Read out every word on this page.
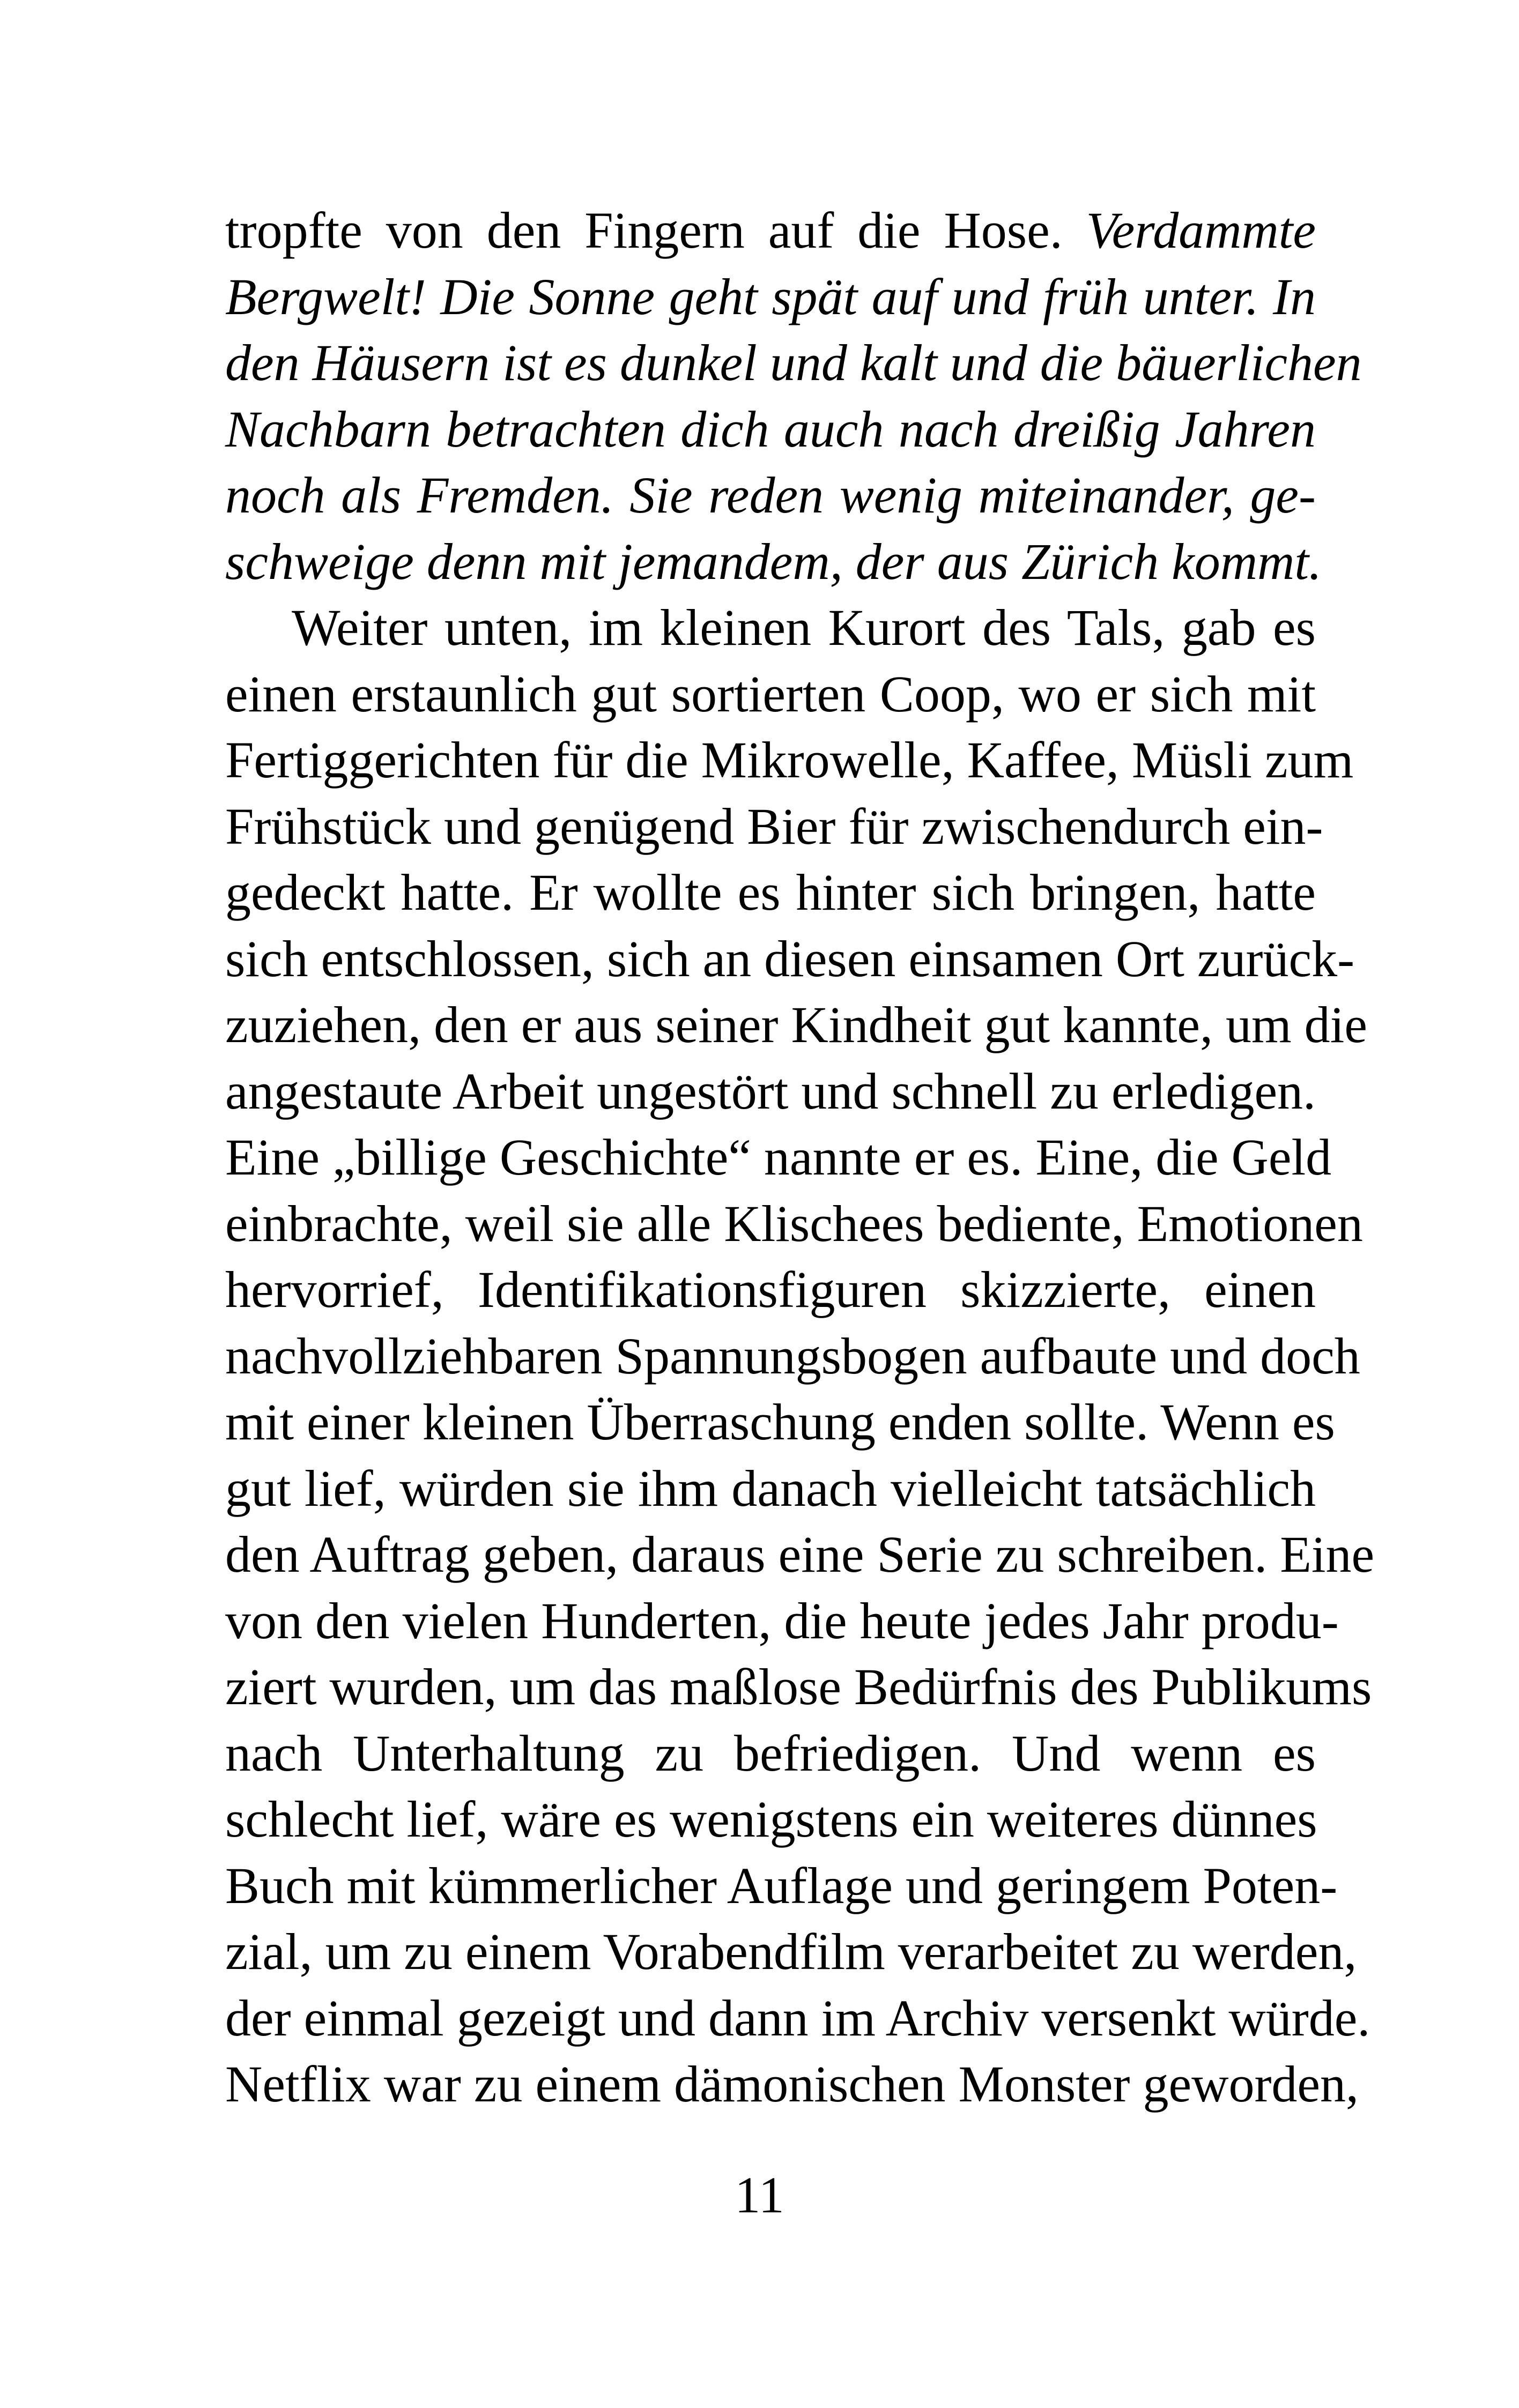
tropfte von den Fingern auf die Hose. Verdammte
Bergwelt! Die Sonne geht spät auf und früh unter. In
den Häusern ist es dunkel und kalt und die bäuerlichen
Nachbarn betrachten dich auch nach dreißig Jahren
noch als Fremden. Sie reden wenig miteinander, ge-
schweige denn mit jemandem, der aus Zürich kommt.
Weiter unten, im kleinen Kurort des Tals, gab es
einen erstaunlich gut sortierten Coop, wo er sich mit
Fertiggerichten für die Mikrowelle, Kaffee, Müsli zum
Frühstück und genügend Bier für zwischendurch ein-
gedeckt hatte. Er wollte es hinter sich bringen, hatte
sich entschlossen, sich an diesen einsamen Ort zurück-
zuziehen, den er aus seiner Kindheit gut kannte, um die
angestaute Arbeit ungestört und schnell zu erledigen.
Eine „billige Geschichte“ nannte er es. Eine, die Geld
einbrachte, weil sie alle Klischees bediente, Emotionen
hervorrief, Identifikationsfiguren skizzierte, einen
nachvollziehbaren Spannungsbogen aufbaute und doch
mit einer kleinen Überraschung enden sollte. Wenn es
gut lief, würden sie ihm danach vielleicht tatsächlich
den Auftrag geben, daraus eine Serie zu schreiben. Eine
von den vielen Hunderten, die heute jedes Jahr produ-
ziert wurden, um das maßlose Bedürfnis des Publikums
nach Unterhaltung zu befriedigen. Und wenn es
schlecht lief, wäre es wenigstens ein weiteres dünnes
Buch mit kümmerlicher Auflage und geringem Poten-
zial, um zu einem Vorabendfilm verarbeitet zu werden,
der einmal gezeigt und dann im Archiv versenkt würde.
Netflix war zu einem dämonischen Monster geworden,
11
